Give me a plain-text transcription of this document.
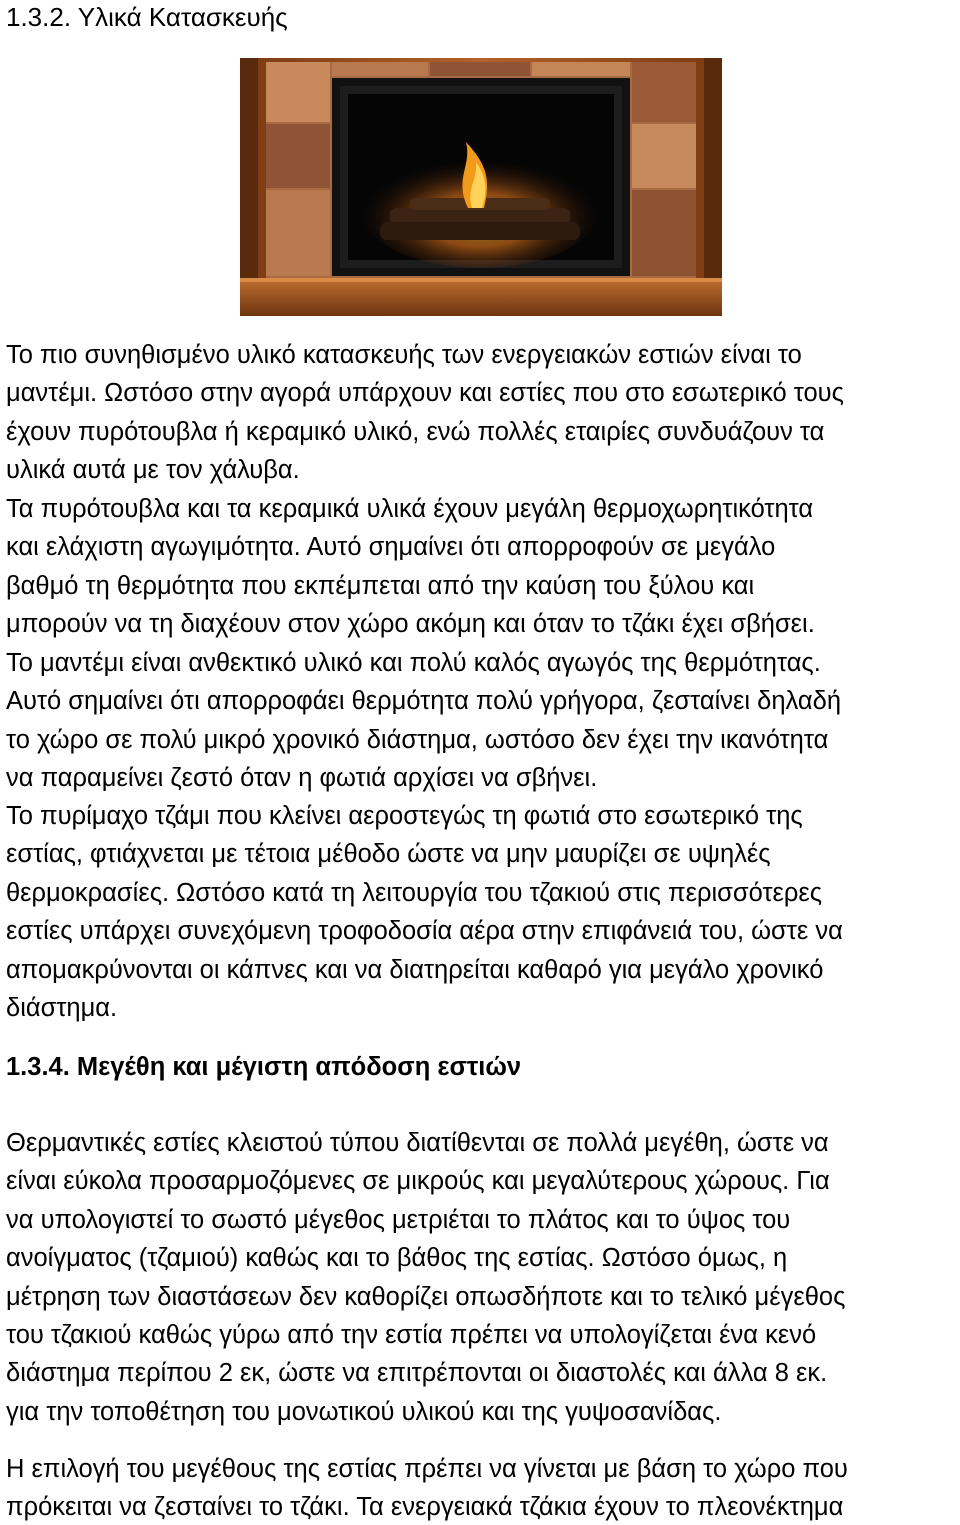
1.3.2. Υλικά Κατασκευής

Το πιο συνηθισμένο υλικό κατασκευής των ενεργειακών εστιών είναι το
μαντέμι. Ωστόσο στην αγορά υπάρχουν και εστίες που στο εσωτερικό τους
έχουν πυρότουβλα ή κεραμικό υλικό, ενώ πολλές εταιρίες συνδυάζουν τα
υλικά αυτά με τον χάλυβα.

Τα πυρότουβλα και τα κεραμικά υλικά έχουν μεγάλη θερμοχωρητικότητα
και ελάχιστη αγωγιμότητα. Αυτό σημαίνει ότι απορροφούν σε μεγάλο
βαθμό τη θερμότητα που εκπέμπεται από την καύση του ξύλου και
μπορούν να τη διαχέουν στον χώρο ακόμη και όταν το τζάκι έχει σβήσει.

Το μαντέμι είναι ανθεκτικό υλικό και πολύ καλός αγωγός της θερμότητας.
Αυτό σημαίνει ότι απορροφάει θερμότητα πολύ γρήγορα, ζεσταίνει δηλαδή
το χώρο σε πολύ μικρό χρονικό διάστημα, ωστόσο δεν έχει την ικανότητα
να παραμείνει ζεστό όταν η φωτιά αρχίσει να σβήνει.

Το πυρίμαχο τζάμι που κλείνει αεροστεγώς τη φωτιά στο εσωτερικό της
εστίας, φτιάχνεται με τέτοια μέθοδο ώστε να μην μαυρίζει σε υψηλές
θερμοκρασίες. Ωστόσο κατά τη λειτουργία του τζακιού στις περισσότερες
εστίες υπάρχει συνεχόμενη τροφοδοσία αέρα στην επιφάνειά του, ώστε να
απομακρύνονται οι κάπνες και να διατηρείται καθαρό για μεγάλο χρονικό
διάστημα.

1.3.4. Μεγέθη και μέγιστη απόδοση εστιών

Θερμαντικές εστίες κλειστού τύπου διατίθενται σε πολλά μεγέθη, ώστε να
είναι εύκολα προσαρμοζόμενες σε μικρούς και μεγαλύτερους χώρους. Για
να υπολογιστεί το σωστό μέγεθος μετριέται το πλάτος και το ύψος του
ανοίγματος (τζαμιού) καθώς και το βάθος της εστίας. Ωστόσο όμως, η
μέτρηση των διαστάσεων δεν καθορίζει οπωσδήποτε και το τελικό μέγεθος
του τζακιού καθώς γύρω από την εστία πρέπει να υπολογίζεται ένα κενό
διάστημα περίπου 2 εκ, ώστε να επιτρέπονται οι διαστολές και άλλα 8 εκ.
για την τοποθέτηση του μονωτικού υλικού και της γυψοσανίδας.

Η επιλογή του μεγέθους της εστίας πρέπει να γίνεται με βάση το χώρο που
πρόκειται να ζεσταίνει το τζάκι. Τα ενεργειακά τζάκια έχουν το πλεονέκτημα
